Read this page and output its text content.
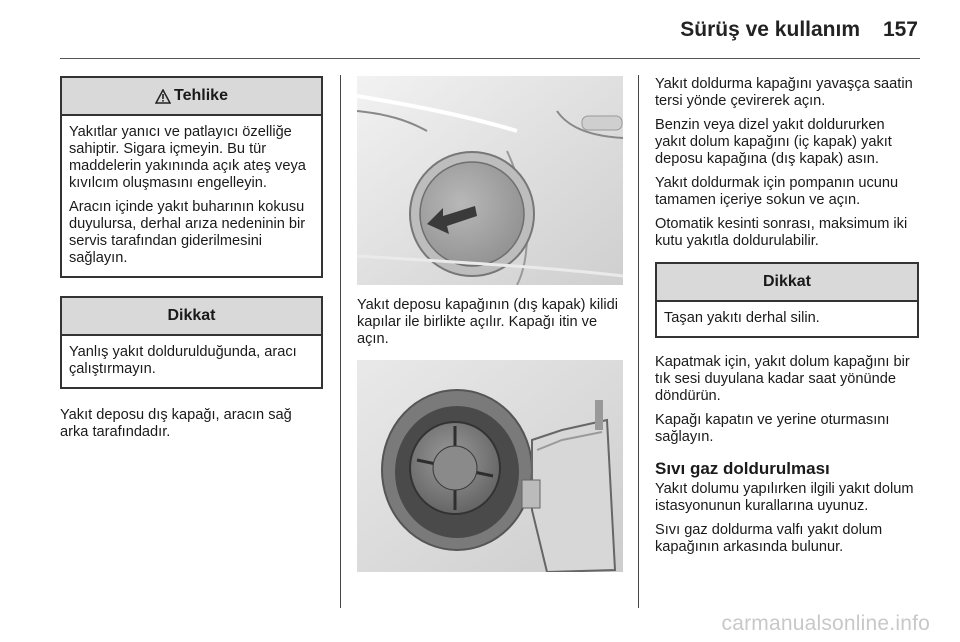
Sürüş ve kullanım 157
Tehlike

Yakıtlar yanıcı ve patlayıcı özelliğe sahiptir. Sigara içmeyin. Bu tür maddelerin yakınında açık ateş veya kıvılcım oluşmasını engelleyin.

Aracın içinde yakıt buharının kokusu duyulursa, derhal arıza nedeninin bir servis tarafından giderilmesini sağlayın.

Dikkat

Yanlış yakıt doldurulduğunda, aracı çalıştırmayın.

Yakıt deposu dış kapağı, aracın sağ arka tarafındadır.

Yakıt deposu kapağının (dış kapak) kilidi kapılar ile birlikte açılır. Kapağı itin ve açın.

Yakıt doldurma kapağını yavaşça saatin tersi yönde çevirerek açın.

Benzin veya dizel yakıt doldururken yakıt dolum kapağını (iç kapak) yakıt deposu kapağına (dış kapak) asın.

Yakıt doldurmak için pompanın ucunu tamamen içeriye sokun ve açın.

Otomatik kesinti sonrası, maksimum iki kutu yakıtla doldurulabilir.

Dikkat

Taşan yakıtı derhal silin.

Kapatmak için, yakıt dolum kapağını bir tık sesi duyulana kadar saat yönünde döndürün.

Kapağı kapatın ve yerine oturmasını sağlayın.

Sıvı gaz doldurulması

Yakıt dolumu yapılırken ilgili yakıt dolum istasyonunun kurallarına uyunuz.

Sıvı gaz doldurma valfı yakıt dolum kapağının arkasında bulunur.

carmanualsonline.info
